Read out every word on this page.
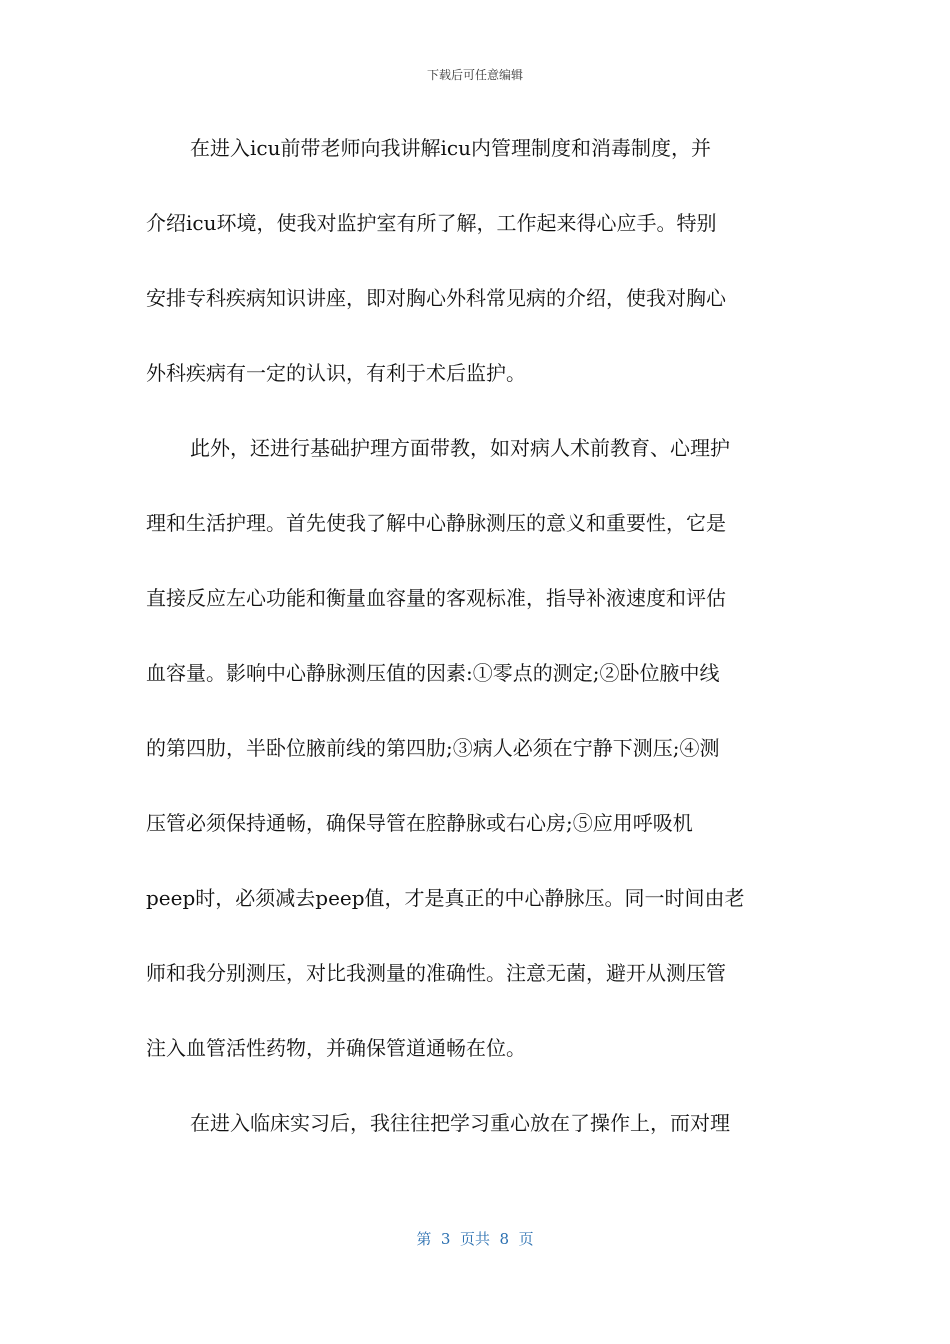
下载后可任意编辑
在进入icu前带老师向我讲解icu内管理制度和消毒制度，并
介绍icu环境，使我对监护室有所了解，工作起来得心应手。特别
安排专科疾病知识讲座，即对胸心外科常见病的介绍，使我对胸心
外科疾病有一定的认识，有利于术后监护。
此外，还进行基础护理方面带教，如对病人术前教育、心理护
理和生活护理。首先使我了解中心静脉测压的意义和重要性，它是
直接反应左心功能和衡量血容量的客观标准，指导补液速度和评估
血容量。影响中心静脉测压值的因素:①零点的测定;②卧位腋中线
的第四肋，半卧位腋前线的第四肋;③病人必须在宁静下测压;④测
压管必须保持通畅，确保导管在腔静脉或右心房;⑤应用呼吸机
peep时，必须减去peep值，才是真正的中心静脉压。同一时间由老
师和我分别测压，对比我测量的准确性。注意无菌，避开从测压管
注入血管活性药物，并确保管道通畅在位。
在进入临床实习后，我往往把学习重心放在了操作上，而对理
第  3  页共  8  页
